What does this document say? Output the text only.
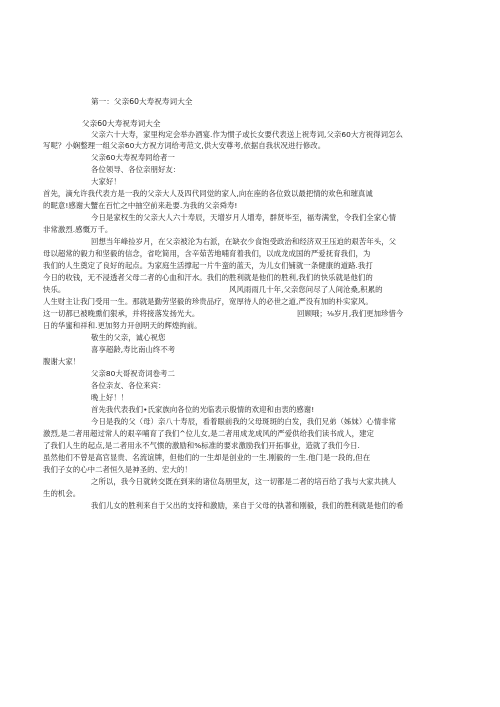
第一：父亲60大寿祝寿词大全
父亲60大寿祝寿词大全
父亲六十大寿，家里构定会举办酒宴.作为惯子或长女要代表送上祝寿词,父亲60大方祝得词怎么
写呢？小娴整理一组父亲60大方祝方词给考范文,供大安尊考,依据自我状况进行修改。
父亲60大寿祝寿同给者一
各位领导、各位亲朋好友：
大家好！
首先，滴允许我代表方是一我的父亲大人及四代同觉的家人,向在座的各位致以最把情的欢色和璀真诚
的昵意!感谢大蟹在百忙之中抽空前来赴要.为我的父亲舜寿!
今日是家权生的父亲大人六十寿辰，天增岁月人增寿，群贤毕至，福寿满堂，令我们全家心情
非常激烈.感慨万千。
回想当年峰捡岁月，在父亲被沦为右派，在缺衣少食饱受政治和经济双王压迫的艰苦年头，父
母以超常的毅力和坚毅的信念，省吃简用，含辛茹苦地哺育着我们，以成龙成国的严爱抚育我们，为
我们的人生奠定了良好的起点。为家庭生活撑起一片牛蛮的蓝天，为儿女们铺就一条健康的道路.我打
今日的收钱，无不浸透者父母二者的心血和汗水。我们的胜利就是他们的胜利,我们的快乐就是他们的
快乐。	风风雨雨几十年,父亲您问尽了人间沧桑,积累的
人生财主让我门受用一生。那就是勤劳坚毅的珍贵品疗，宽厚待人的必世之道,严没有加的朴实家风。
这一切都已被晚熏们狠承，并将接落发扬光大。	回顾哦；⅛岁月,我们更加珍惜今
日的华蜜和祥和.更加努力开创明天的辉煌拘前。
敬生的父亲，诚心祝您
喜享超龄,寿比南山终不考
腹谢大家！
父亲80大哥祝奇词卷考二
各位亲友、各位来宾：
晚上好！！
首先我代表我们•氏家族向各位的光临表示殷情的欢迎和由衷的感谢!
今日是我的父（母）亲八十寿辰，看着眼前我的父母斑斑的白发，我们兄弟（姊妹）心情非常
激烈,是二者用超过常人的艰辛哺育了我们^位儿女,是二者用成龙成风的严爱供给我们读书成人，建定
了我们人生的起点,是二者用永不气惯的激励和%标准的要求激励我们开拓事业，造就了我们今日.
虽然他们不曾是高官显贵、名流谊牌，但他们的一生却是创业的一生.刚毅的一生.他门是一段的,但在
我们子女的心中二者恒久是神圣的、宏大的！
之所以，我今日就转交既在到来的诸位岛朋里友，这一切都是二者的培百给了我与大家共挑人
生的机会。
我们儿女的胜利来自于父出的支持和激励，来自于父母的执著和刚毅，我们的胜利就是他们的希
